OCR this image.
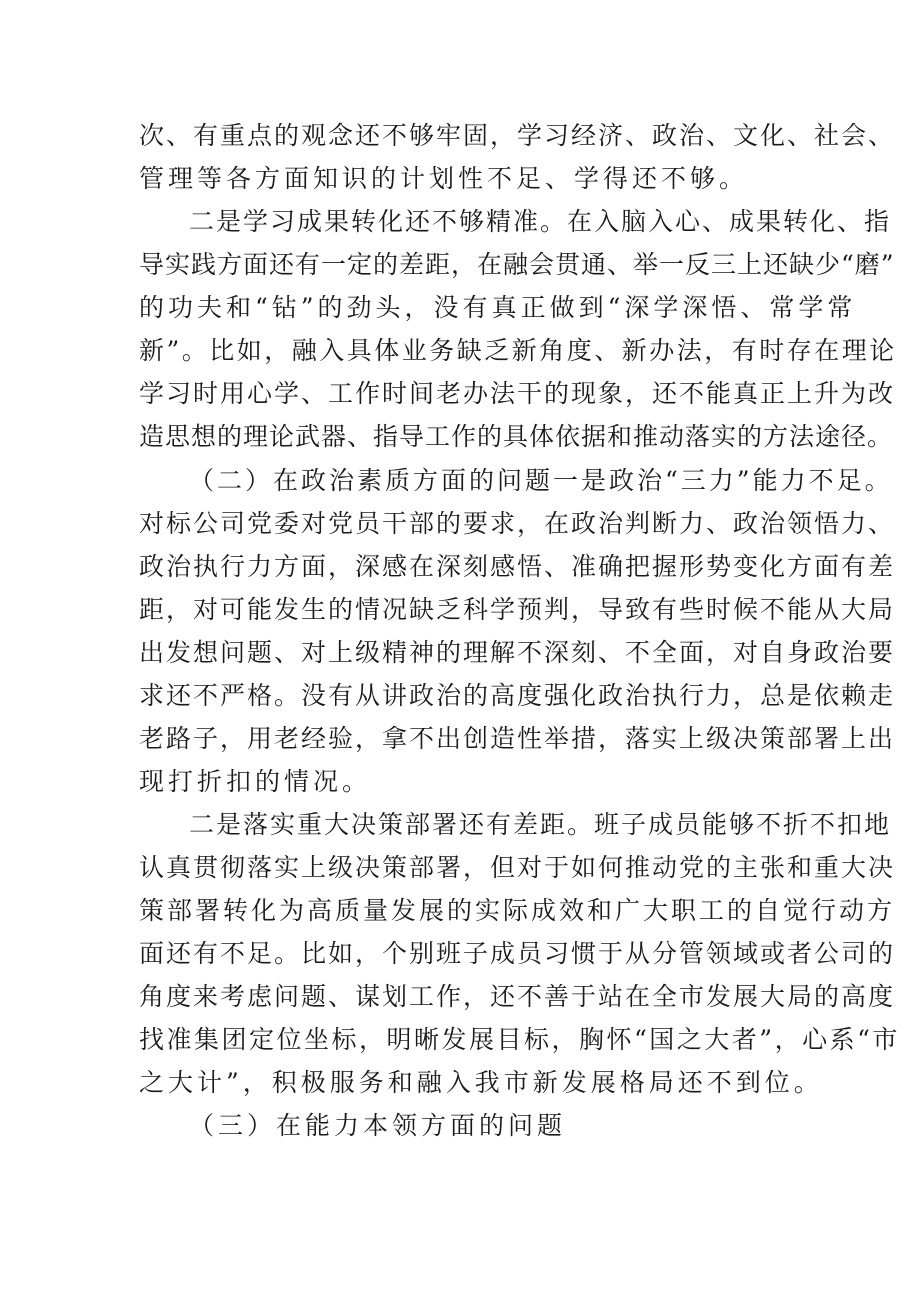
次、有重点的观念还不够牢固，学习经济、政治、文化、社会、

管理等各方面知识的计划性不足、学得还不够。

二是学习成果转化还不够精准。在入脑入心、成果转化、指

导实践方面还有一定的差距，在融会贯通、举一反三上还缺少“磨”

的功夫和“钻”的劲头，没有真正做到“深学深悟、常学常

新”。比如，融入具体业务缺乏新角度、新办法，有时存在理论

学习时用心学、工作时间老办法干的现象，还不能真正上升为改

造思想的理论武器、指导工作的具体依据和推动落实的方法途径。

（二）在政治素质方面的问题一是政治“三力”能力不足。

对标公司党委对党员干部的要求，在政治判断力、政治领悟力、

政治执行力方面，深感在深刻感悟、准确把握形势变化方面有差

距，对可能发生的情况缺乏科学预判，导致有些时候不能从大局

出发想问题、对上级精神的理解不深刻、不全面，对自身政治要

求还不严格。没有从讲政治的高度强化政治执行力，总是依赖走

老路子，用老经验，拿不出创造性举措，落实上级决策部署上出

现打折扣的情况。

二是落实重大决策部署还有差距。班子成员能够不折不扣地

认真贯彻落实上级决策部署，但对于如何推动党的主张和重大决

策部署转化为高质量发展的实际成效和广大职工的自觉行动方

面还有不足。比如，个别班子成员习惯于从分管领域或者公司的

角度来考虑问题、谋划工作，还不善于站在全市发展大局的高度

找准集团定位坐标，明晰发展目标，胸怀“国之大者”，心系“市

之大计”，积极服务和融入我市新发展格局还不到位。

（三）在能力本领方面的问题
